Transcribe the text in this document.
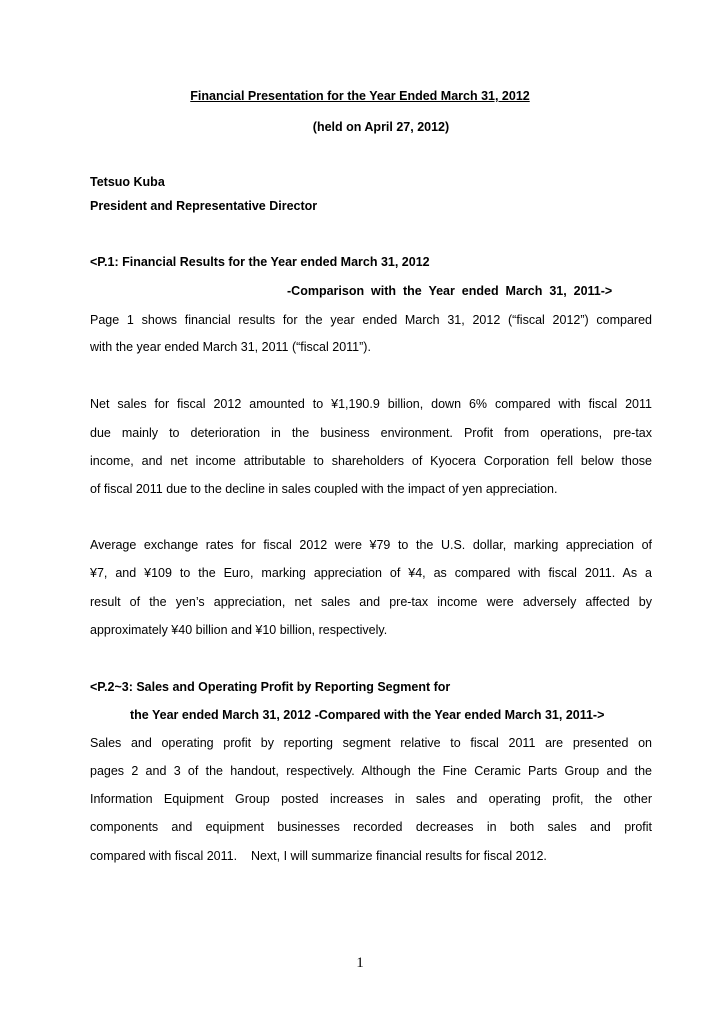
Financial Presentation for the Year Ended March 31, 2012
(held on April 27, 2012)
Tetsuo Kuba
President and Representative Director
<P.1: Financial Results for the Year ended March 31, 2012
-Comparison  with  the  Year  ended  March  31,  2011->
Page 1 shows financial results for the year ended March 31, 2012 (“fiscal 2012”) compared
with the year ended March 31, 2011 (“fiscal 2011”).
Net sales for fiscal 2012 amounted to ¥1,190.9 billion, down 6% compared with fiscal 2011
due mainly to deterioration in the business environment. Profit from operations, pre-tax
income, and net income attributable to shareholders of Kyocera Corporation fell below those
of fiscal 2011 due to the decline in sales coupled with the impact of yen appreciation.
Average exchange rates for fiscal 2012 were ¥79 to the U.S. dollar, marking appreciation of
¥7, and ¥109 to the Euro, marking appreciation of ¥4, as compared with fiscal 2011. As a
result of the yen’s appreciation, net sales and pre-tax income were adversely affected by
approximately ¥40 billion and ¥10 billion, respectively.
<P.2~3: Sales and Operating Profit by Reporting Segment for
the Year ended March 31, 2012 -Compared with the Year ended March 31, 2011->
Sales and operating profit by reporting segment relative to fiscal 2011 are presented on
pages 2 and 3 of the handout, respectively. Although the Fine Ceramic Parts Group and the
Information Equipment Group posted increases in sales and operating profit, the other
components and equipment businesses recorded decreases in both sales and profit
compared with fiscal 2011.    Next, I will summarize financial results for fiscal 2012.
1
